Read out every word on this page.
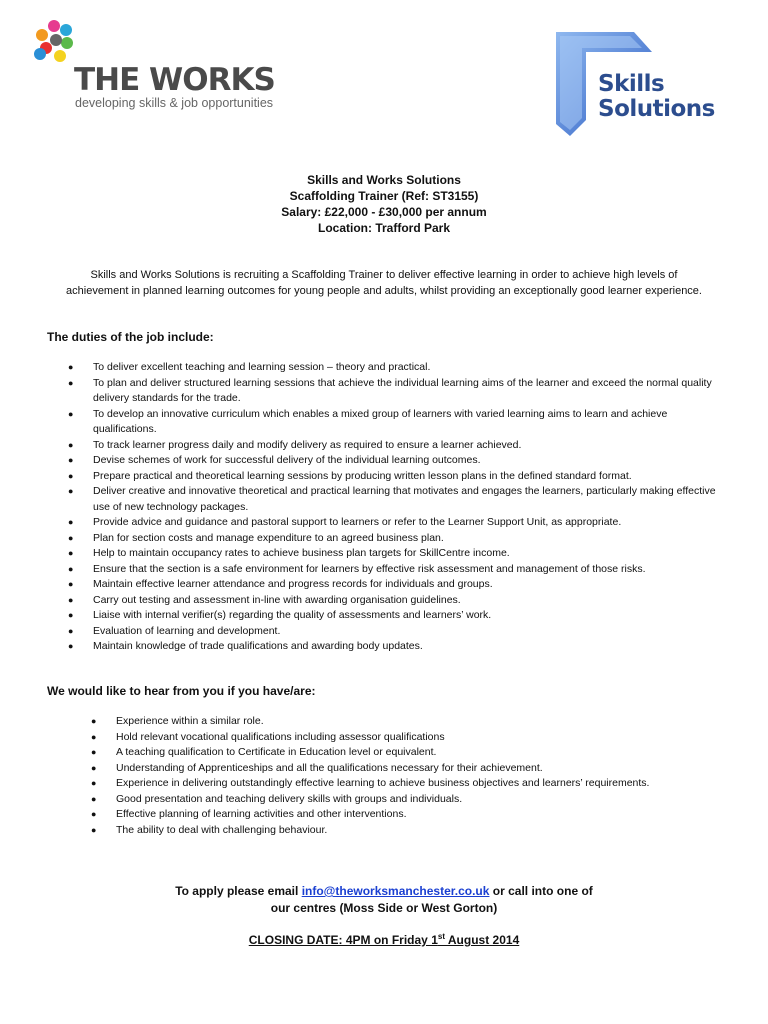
THE WORKS
developing skills & job opportunities
Skills
Solutions
Skills and Works Solutions
Scaffolding Trainer (Ref: ST3155)
Salary: £22,000 - £30,000 per annum
Location: Trafford Park
Skills and Works Solutions is recruiting a Scaffolding Trainer to deliver effective learning in order to achieve high levels of achievement in planned learning outcomes for young people and adults, whilst providing an exceptionally good learner experience.
The duties of the job include:
● To deliver excellent teaching and learning session – theory and practical.
● To plan and deliver structured learning sessions that achieve the individual learning aims of the learner and exceed the normal quality delivery standards for the trade.
● To develop an innovative curriculum which enables a mixed group of learners with varied learning aims to learn and achieve qualifications.
● To track learner progress daily and modify delivery as required to ensure a learner achieved.
● Devise schemes of work for successful delivery of the individual learning outcomes.
● Prepare practical and theoretical learning sessions by producing written lesson plans in the defined standard format.
● Deliver creative and innovative theoretical and practical learning that motivates and engages the learners, particularly making effective use of new technology packages.
● Provide advice and guidance and pastoral support to learners or refer to the Learner Support Unit, as appropriate.
● Plan for section costs and manage expenditure to an agreed business plan.
● Help to maintain occupancy rates to achieve business plan targets for SkillCentre income.
● Ensure that the section is a safe environment for learners by effective risk assessment and management of those risks.
● Maintain effective learner attendance and progress records for individuals and groups.
● Carry out testing and assessment in-line with awarding organisation guidelines.
● Liaise with internal verifier(s) regarding the quality of assessments and learners’ work.
● Evaluation of learning and development.
● Maintain knowledge of trade qualifications and awarding body updates.
We would like to hear from you if you have/are:
● Experience within a similar role.
● Hold relevant vocational qualifications including assessor qualifications
● A teaching qualification to Certificate in Education level or equivalent.
● Understanding of Apprenticeships and all the qualifications necessary for their achievement.
● Experience in delivering outstandingly effective learning to achieve business objectives and learners’ requirements.
● Good presentation and teaching delivery skills with groups and individuals.
● Effective planning of learning activities and other interventions.
● The ability to deal with challenging behaviour.
To apply please email info@theworksmanchester.co.uk or call into one of
our centres (Moss Side or West Gorton)
CLOSING DATE: 4PM on Friday 1st August 2014
